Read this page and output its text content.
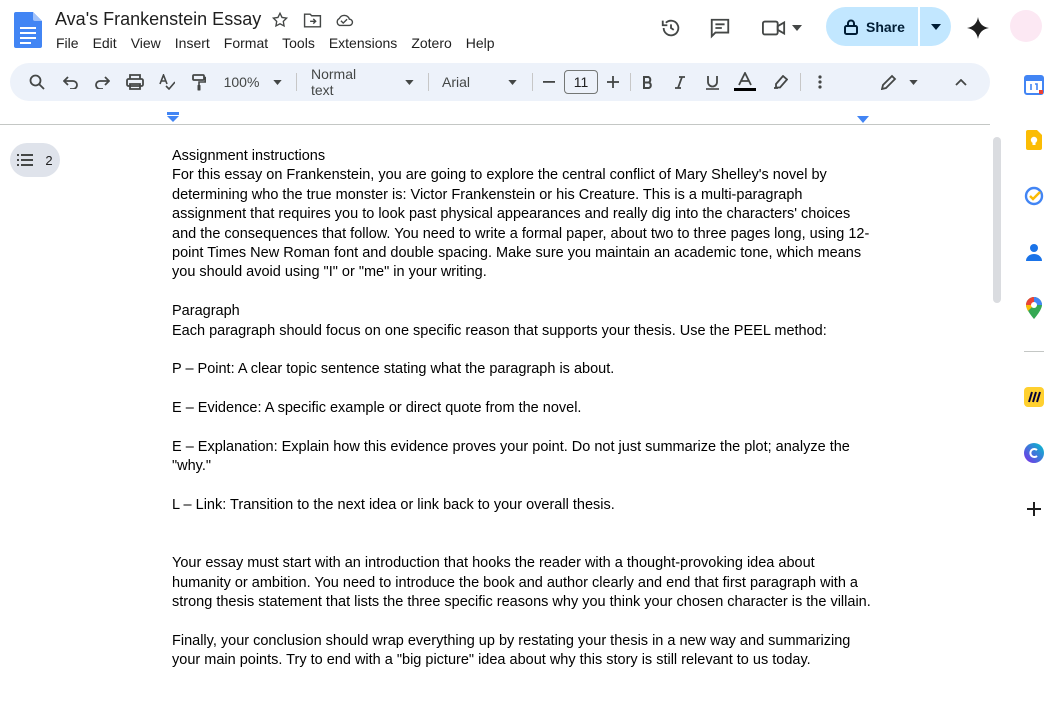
Ava's Frankenstein Essay
File	Edit	View	Insert	Format	Tools	Extensions	Zotero	Help
Share
100%	Normal text	Arial
11
2	Assignment instructions

For this essay on Frankenstein, you are going to explore the central conflict of Mary Shelley's novel by determining who the true monster is: Victor Frankenstein or his Creature. This is a multi-paragraph assignment that requires you to look past physical appearances and really dig into the characters' choices and the consequences that follow. You need to write a formal paper, about two to three pages long, using 12-point Times New Roman font and double spacing. Make sure you maintain an academic tone, which means you should avoid using "I" or "me" in your writing.

Paragraph

Each paragraph should focus on one specific reason that supports your thesis. Use the PEEL method:

P – Point: A clear topic sentence stating what the paragraph is about.

E – Evidence: A specific example or direct quote from the novel.

E – Explanation: Explain how this evidence proves your point. Do not just summarize the plot; analyze the "why."

L – Link: Transition to the next idea or link back to your overall thesis.

Your essay must start with an introduction that hooks the reader with a thought-provoking idea about humanity or ambition. You need to introduce the book and author clearly and end that first paragraph with a strong thesis statement that lists the three specific reasons why you think your chosen character is the villain.

Finally, your conclusion should wrap everything up by restating your thesis in a new way and summarizing your main points. Try to end with a "big picture" idea about why this story is still relevant to us today.
